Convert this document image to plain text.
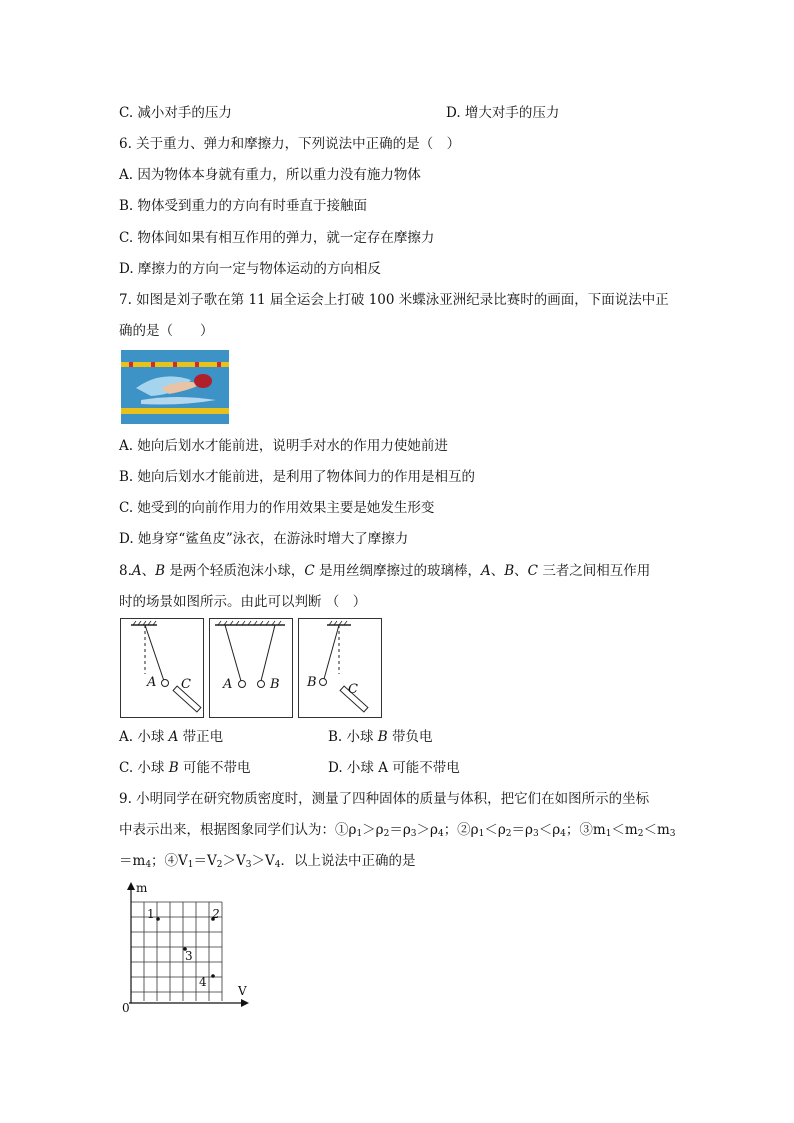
C. 减小对手的压力	D. 增大对手的压力
6. 关于重力、弹力和摩擦力，下列说法中正确的是（　）
A. 因为物体本身就有重力，所以重力没有施力物体
B. 物体受到重力的方向有时垂直于接触面
C. 物体间如果有相互作用的弹力，就一定存在摩擦力
D. 摩擦力的方向一定与物体运动的方向相反
7. 如图是刘子歌在第 11 届全运会上打破 100 米蝶泳亚洲纪录比赛时的画面，下面说法中正
确的是（　　）
A. 她向后划水才能前进，说明手对水的作用力使她前进
B. 她向后划水才能前进，是利用了物体间力的作用是相互的
C. 她受到的向前作用力的作用效果主要是她发生形变
D. 她身穿“鲨鱼皮”泳衣，在游泳时增大了摩擦力
8.A、B 是两个轻质泡沫小球，C 是用丝绸摩擦过的玻璃棒，A、B、C 三者之间相互作用
时的场景如图所示。由此可以判断 （　）
A C A	B B C
A. 小球 A 带正电	B. 小球 B 带负电
C. 小球 B 可能不带电	D. 小球 A 可能不带电
9. 小明同学在研究物质密度时，测量了四种固体的质量与体积，把它们在如图所示的坐标
中表示出来，根据图象同学们认为：$①\rho_1>\rho_2=\rho_3>\rho_4$；$②\rho_1<\rho_2=\rho_3<\rho_4$；$③m_1<m_2<m_3$
$=m_4$；$④V_1=V_2>V_3>V_4$．以上说法中正确的是
m
V
0
1	2
3
4
